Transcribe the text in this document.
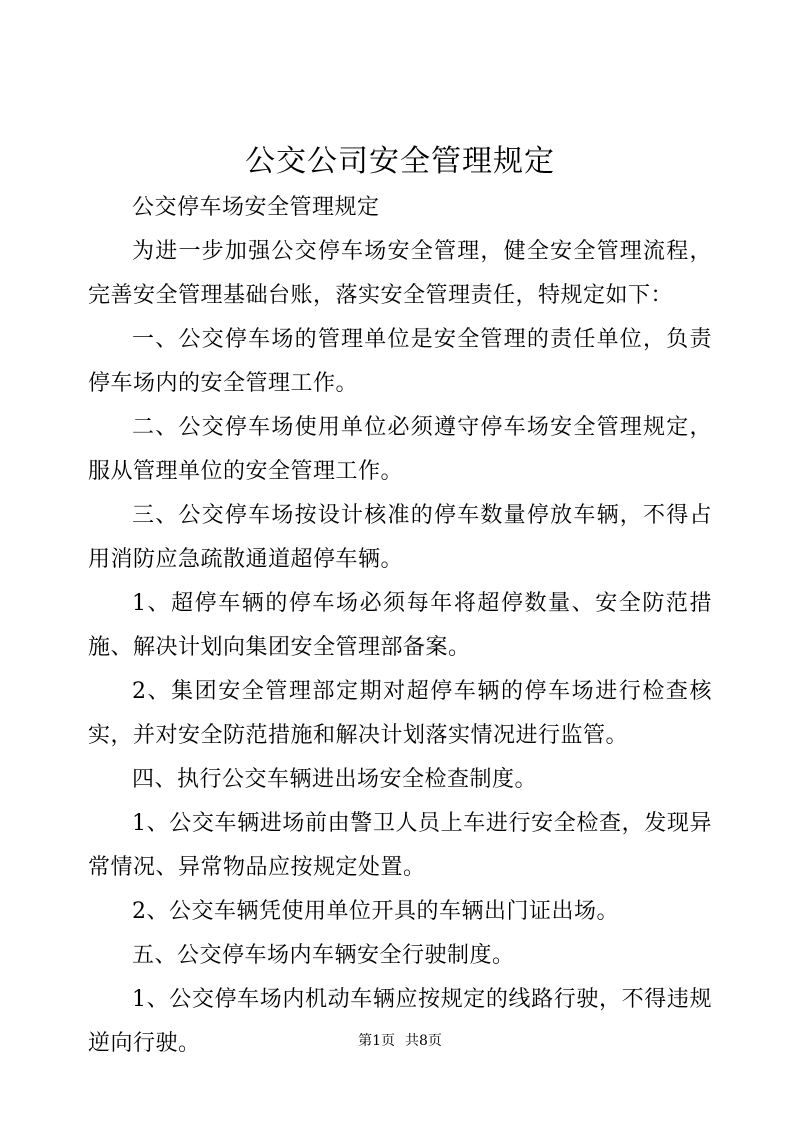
公交公司安全管理规定

公交停车场安全管理规定

为进一步加强公交停车场安全管理，健全安全管理流程，完善安全管理基础台账，落实安全管理责任，特规定如下：

一、公交停车场的管理单位是安全管理的责任单位，负责停车场内的安全管理工作。

二、公交停车场使用单位必须遵守停车场安全管理规定，服从管理单位的安全管理工作。

三、公交停车场按设计核准的停车数量停放车辆，不得占用消防应急疏散通道超停车辆。

1、超停车辆的停车场必须每年将超停数量、安全防范措施、解决计划向集团安全管理部备案。

2、集团安全管理部定期对超停车辆的停车场进行检查核实，并对安全防范措施和解决计划落实情况进行监管。

四、执行公交车辆进出场安全检查制度。

1、公交车辆进场前由警卫人员上车进行安全检查，发现异常情况、异常物品应按规定处置。

2、公交车辆凭使用单位开具的车辆出门证出场。

五、公交停车场内车辆安全行驶制度。

1、公交停车场内机动车辆应按规定的线路行驶，不得违规逆向行驶。	第1页 共8页
